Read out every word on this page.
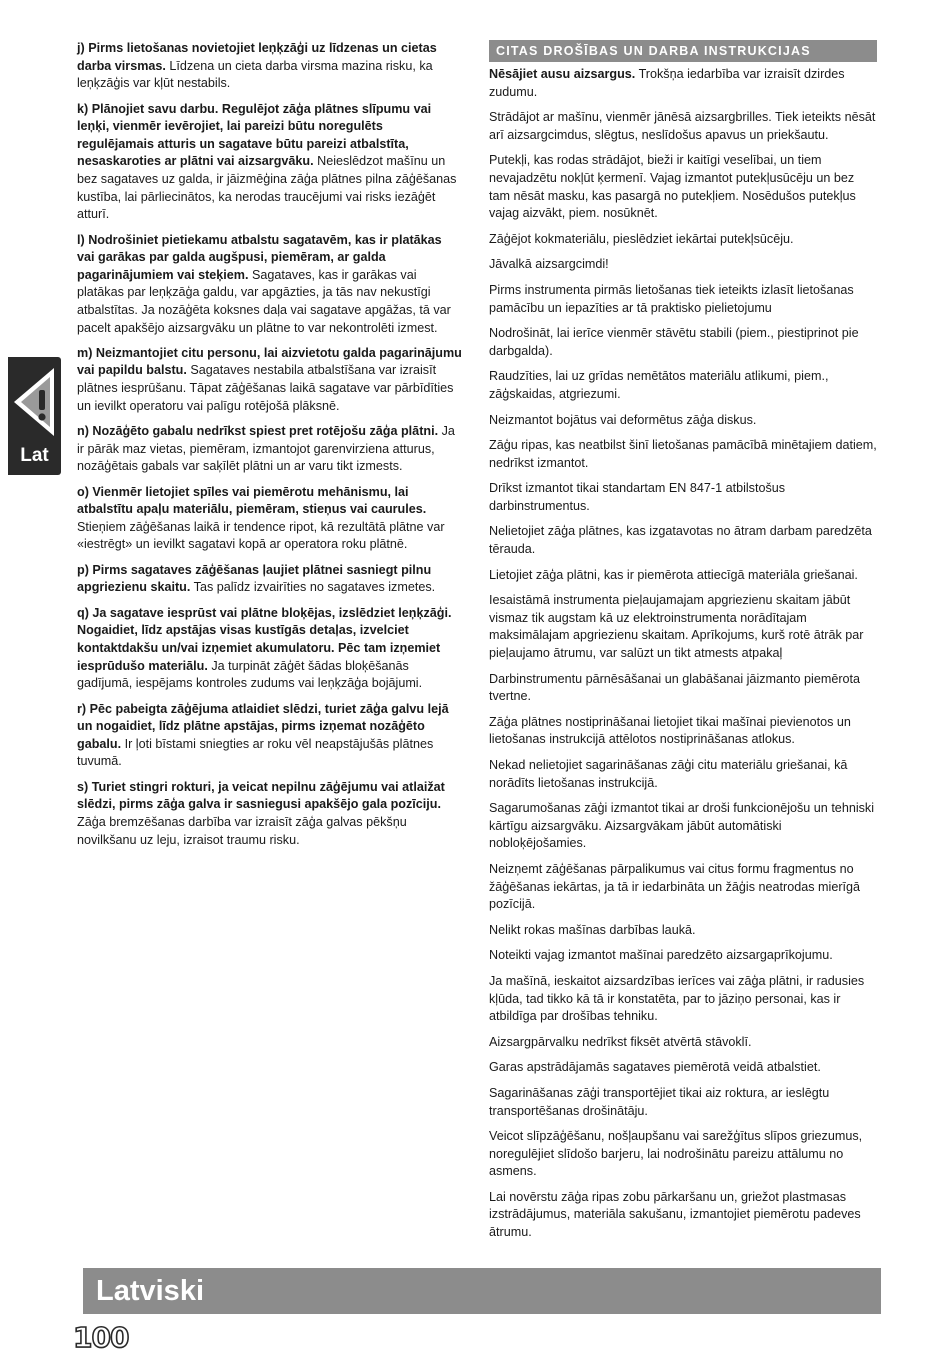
Lat

j) Pirms lietošanas novietojiet leņķzāģi uz līdzenas un cietas darba virsmas. Līdzena un cieta darba virsma mazina risku, ka leņķzāģis var kļūt nestabils.

k) Plānojiet savu darbu. Regulējot zāģa plātnes slīpumu vai leņķi, vienmēr ievērojiet, lai pareizi būtu noregulēts regulējamais atturis un sagatave būtu pareizi atbalstīta, nesaskaroties ar plātni vai aizsargvāku. Neieslēdzot mašīnu un bez sagataves uz galda, ir jāizmēģina zāģa plātnes pilna zāģēšanas kustība, lai pārliecinātos, ka nerodas traucējumi vai risks iezāģēt atturī.

l) Nodrošiniet pietiekamu atbalstu sagatavēm, kas ir platākas vai garākas par galda augšpusi, piemēram, ar galda pagarinājumiem vai steķiem. Sagataves, kas ir garākas vai platākas par leņķzāģa galdu, var apgāzties, ja tās nav nekustīgi atbalstītas. Ja nozāģēta koksnes daļa vai sagatave apgāžas, tā var pacelt apakšējo aizsargvāku un plātne to var nekontrolēti izmest.

m) Neizmantojiet citu personu, lai aizvietotu galda pagarinājumu vai papildu balstu. Sagataves nestabila atbalstīšana var izraisīt plātnes iesprūšanu. Tāpat zāģēšanas laikā sagatave var pārbīdīties un ievilkt operatoru vai palīgu rotējošā plāksnē.

n) Nozāģēto gabalu nedrīkst spiest pret rotējošu zāģa plātni. Ja ir pārāk maz vietas, piemēram, izmantojot garenvirziena atturus, nozāģētais gabals var saķīlēt plātni un ar varu tikt izmests.

o) Vienmēr lietojiet spīles vai piemērotu mehānismu, lai atbalstītu apaļu materiālu, piemēram, stieņus vai caurules. Stieņiem zāģēšanas laikā ir tendence ripot, kā rezultātā plātne var «iestrēgt» un ievilkt sagatavi kopā ar operatora roku plātnē.

p) Pirms sagataves zāģēšanas ļaujiet plātnei sasniegt pilnu apgriezienu skaitu. Tas palīdz izvairīties no sagataves izmetes.

q) Ja sagatave iesprūst vai plātne bloķējas, izslēdziet leņķzāģi. Nogaidiet, līdz apstājas visas kustīgās detaļas, izvelciet kontaktdakšu un/vai izņemiet akumulatoru. Pēc tam izņemiet iesprūdušo materiālu. Ja turpināt zāģēt šādas bloķēšanās gadījumā, iespējams kontroles zudums vai leņķzāģa bojājumi.

r) Pēc pabeigta zāģējuma atlaidiet slēdzi, turiet zāģa galvu lejā un nogaidiet, līdz plātne apstājas, pirms izņemat nozāģēto gabalu. Ir ļoti bīstami sniegties ar roku vēl neapstājušās plātnes tuvumā.

s) Turiet stingri rokturi, ja veicat nepilnu zāģējumu vai atlaižat slēdzi, pirms zāģa galva ir sasniegusi apakšējo gala pozīciju. Zāģa bremzēšanas darbība var izraisīt zāģa galvas pēkšņu novilkšanu uz leju, izraisot traumu risku.

CITAS DROŠĪBAS UN DARBA INSTRUKCIJAS

Nēsājiet ausu aizsargus. Trokšņa iedarbība var izraisīt dzirdes zudumu.

Strādājot ar mašīnu, vienmēr jānēsā aizsargbrilles. Tiek ieteikts nēsāt arī aizsargcimdus, slēgtus, neslīdošus apavus un priekšautu.

Putekļi, kas rodas strādājot, bieži ir kaitīgi veselībai, un tiem nevajadzētu nokļūt ķermenī. Vajag izmantot putekļusūcēju un bez tam nēsāt masku, kas pasargā no putekļiem. Nosēdušos putekļus vajag aizvākt, piem. nosūknēt.

Zāģējot kokmateriālu, pieslēdziet iekārtai putekļsūcēju.

Jāvalkā aizsargcimdi!

Pirms instrumenta pirmās lietošanas tiek ieteikts izlasīt lietošanas pamācību un iepazīties ar tā praktisko pielietojumu

Nodrošināt, lai ierīce vienmēr stāvētu stabili (piem., piestiprinot pie darbgalda).

Raudzīties, lai uz grīdas nemētātos materiālu atlikumi, piem., zāģskaidas, atgriezumi.

Neizmantot bojātus vai deformētus zāģa diskus.

Zāģu ripas, kas neatbilst šinī lietošanas pamācībā minētajiem datiem, nedrīkst izmantot.

Drīkst izmantot tikai standartam EN 847-1 atbilstošus darbinstrumentus.

Nelietojiet zāģa plātnes, kas izgatavotas no ātram darbam paredzēta tērauda.

Lietojiet zāģa plātni, kas ir piemērota attiecīgā materiāla griešanai.

Iesaistāmā instrumenta pieļaujamajam apgriezienu skaitam jābūt vismaz tik augstam kā uz elektroinstrumenta norādītajam maksimālajam apgriezienu skaitam. Aprīkojums, kurš rotē ātrāk par pieļaujamo ātrumu, var salūzt un tikt atmests atpakaļ

Darbinstrumentu pārnēsāšanai un glabāšanai jāizmanto piemērota tvertne.

Zāģa plātnes nostiprināšanai lietojiet tikai mašīnai pievienotos un lietošanas instrukcijā attēlotos nostiprināšanas atlokus.

Nekad nelietojiet sagarināšanas zāģi citu materiālu griešanai, kā norādīts lietošanas instrukcijā.

Sagarumošanas zāģi izmantot tikai ar droši funkcionējošu un tehniski kārtīgu aizsargvāku. Aizsargvākam jābūt automātiski nobloķējošamies.

Neizņemt zāģēšanas pārpalikumus vai citus formu fragmentus no žāģēšanas iekārtas, ja tā ir iedarbināta un žāģis neatrodas mierīgā pozīcijā.

Nelikt rokas mašīnas darbības laukā.

Noteikti vajag izmantot mašīnai paredzēto aizsargaprīkojumu.

Ja mašīnā, ieskaitot aizsardzības ierīces vai zāģa plātni, ir radusies kļūda, tad tikko kā tā ir konstatēta, par to jāziņo personai, kas ir atbildīga par drošības tehniku.

Aizsargpārvalku nedrīkst fiksēt atvērtā stāvoklī.

Garas apstrādājamās sagataves piemērotā veidā atbalstiet.

Sagarināšanas zāģi transportējiet tikai aiz roktura, ar ieslēgtu transportēšanas drošinātāju.

Veicot slīpzāģēšanu, nošļaupšanu vai sarežģītus slīpos griezumus, noregulējiet slīdošo barjeru, lai nodrošinātu pareizu attālumu no asmens.

Lai novērstu zāģa ripas zobu pārkaršanu un, griežot plastmasas izstrādājumus, materiāla sakušanu, izmantojiet piemērotu padeves ātrumu.

Latviski
100
